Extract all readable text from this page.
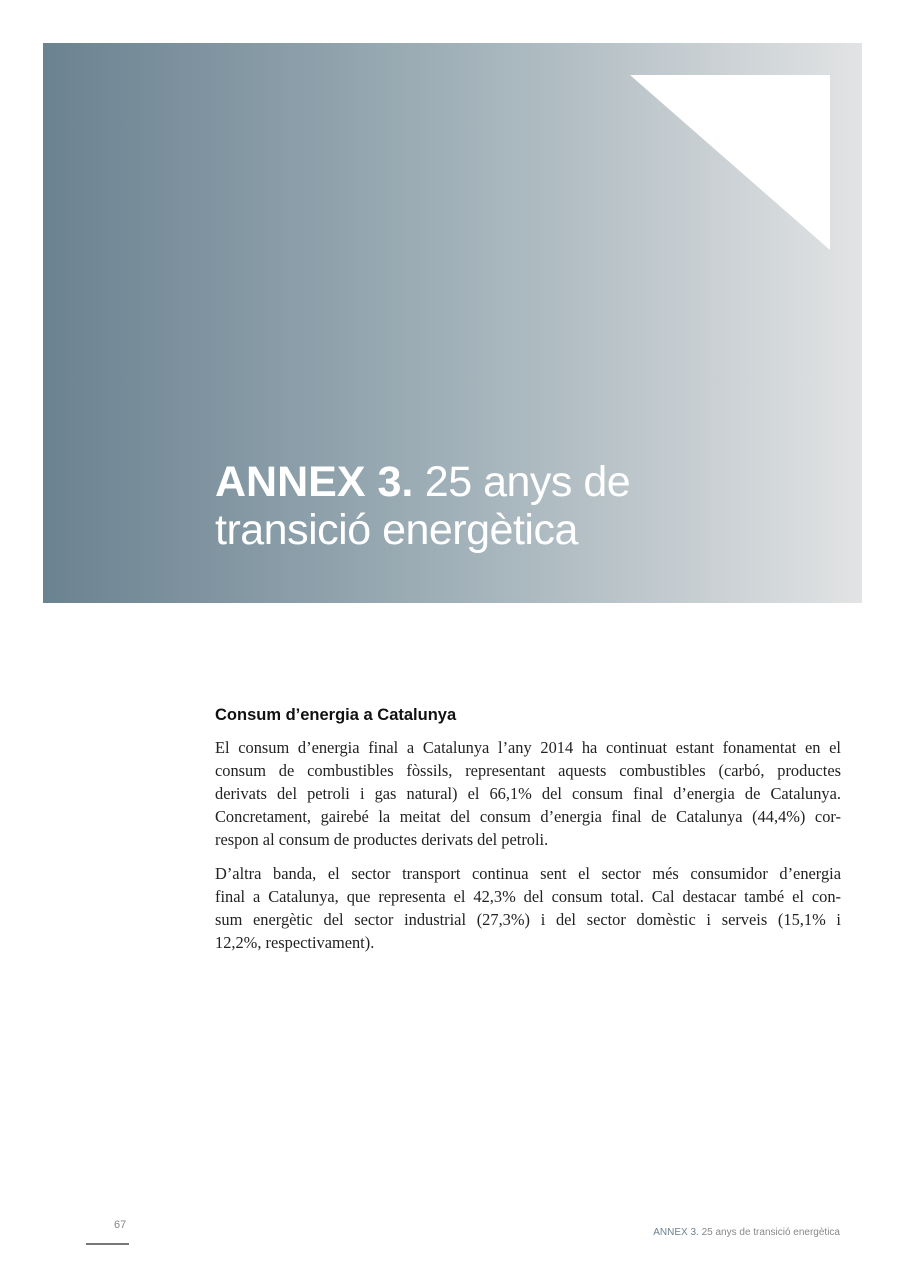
ANNEX 3. 25 anys de
transició energètica
Consum d’energia a Catalunya

El consum d’energia final a Catalunya l’any 2014 ha continuat estant fonamentat en el
consum de combustibles fòssils, representant aquests combustibles (carbó, productes
derivats del petroli i gas natural) el 66,1% del consum final d’energia de Catalunya.
Concretament, gairebé la meitat del consum d’energia final de Catalunya (44,4%) cor-
respon al consum de productes derivats del petroli.

D’altra banda, el sector transport continua sent el sector més consumidor d’energia
final a Catalunya, que representa el 42,3% del consum total. Cal destacar també el con-
sum energètic del sector industrial (27,3%) i del sector domèstic i serveis (15,1% i
12,2%, respectivament).

67
ANNEX 3. 25 anys de transició energètica
